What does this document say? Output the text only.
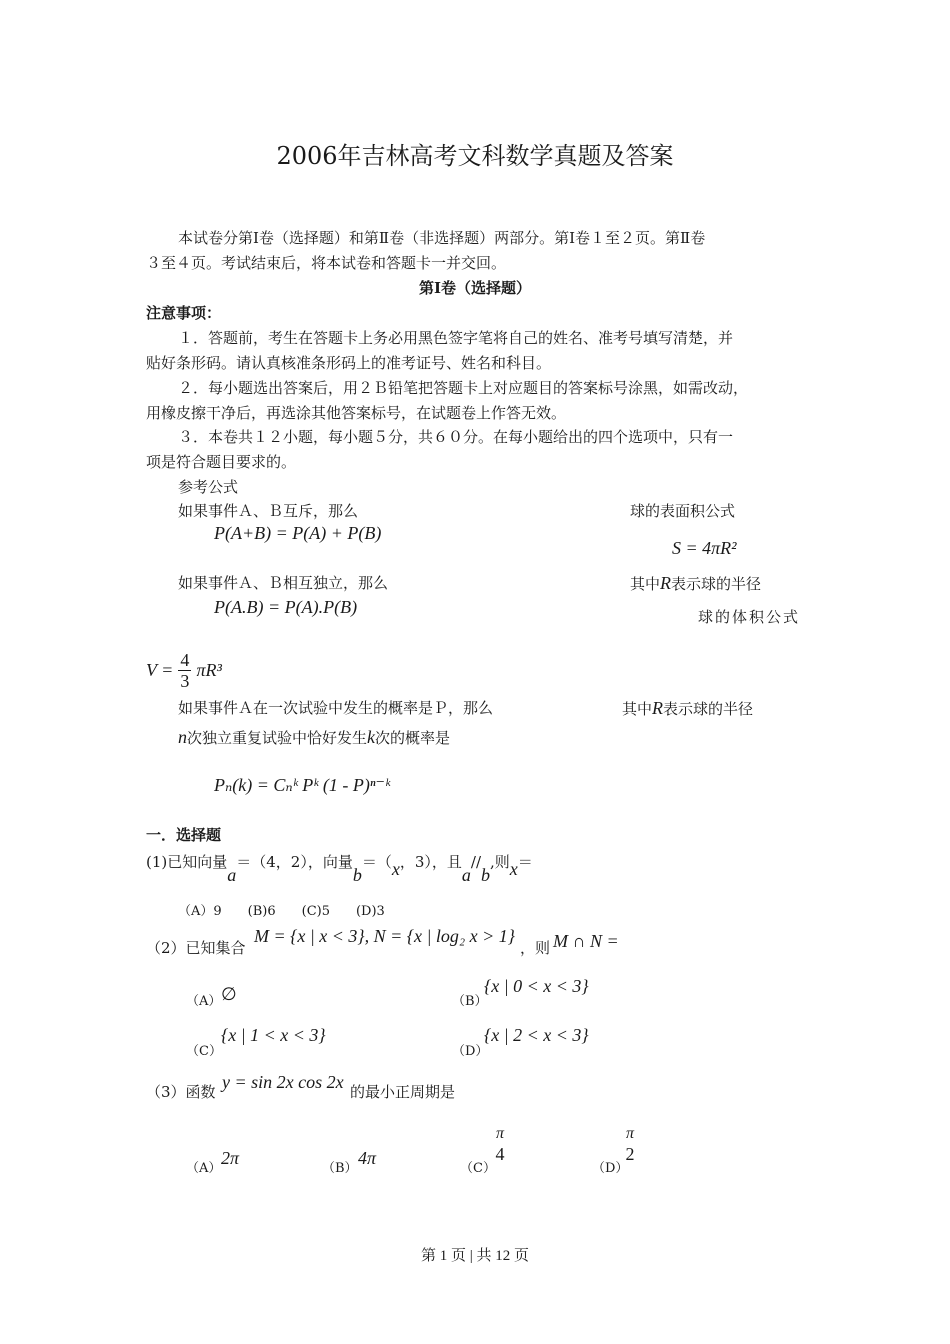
2006年吉林高考文科数学真题及答案
本试卷分第Ⅰ卷（选择题）和第Ⅱ卷（非选择题）两部分。第Ⅰ卷１至２页。第Ⅱ卷
３至４页。考试结束后，将本试卷和答题卡一并交回。
第Ⅰ卷（选择题）
注意事项：
１．答题前，考生在答题卡上务必用黑色签字笔将自己的姓名、准考号填写清楚，并
贴好条形码。请认真核准条形码上的准考证号、姓名和科目。
２．每小题选出答案后，用２Ｂ铅笔把答题卡上对应题目的答案标号涂黑，如需改动，
用橡皮擦干净后，再选涂其他答案标号，在试题卷上作答无效。
３．本卷共１２小题，每小题５分，共６０分。在每小题给出的四个选项中，只有一
项是符合题目要求的。
参考公式
如果事件Ａ、Ｂ互斥，那么
P(A+B) = P(A) + P(B)
球的表面积公式
S = 4πR²
如果事件Ａ、Ｂ相互独立，那么
P(A.B) = P(A).P(B)
其中R表示球的半径
球的体积公式
$V = \frac{4}{3} \pi R^3$
如果事件Ａ在一次试验中发生的概率是Ｐ，那么	其中R表示球的半径
n次独立重复试验中恰好发生k次的概率是
Pₙ(k) = Cₙᵏ Pᵏ (1 - P)ⁿ⁻ᵏ
一．选择题
(1)已知向量a＝（4，2），向量b＝（x，3），且a//b,则x＝
（A）9　　(B)6　　(C)5　　(D)3
（2）已知集合
M = {x | x < 3}, N = {x | log₂ x > 1}
，则 M ∩ N =
（A） ∅	（B）
{x | 0 < x < 3}
（C）
{x | 1 < x < 3}
（D）
{x | 2 < x < 3}
（3）函数 y = sin 2x cos 2x 的最小正周期是
（A）
2π
（B）
4π
（C）
π
4
（D）
π
2
第 1 页 | 共 12 页
